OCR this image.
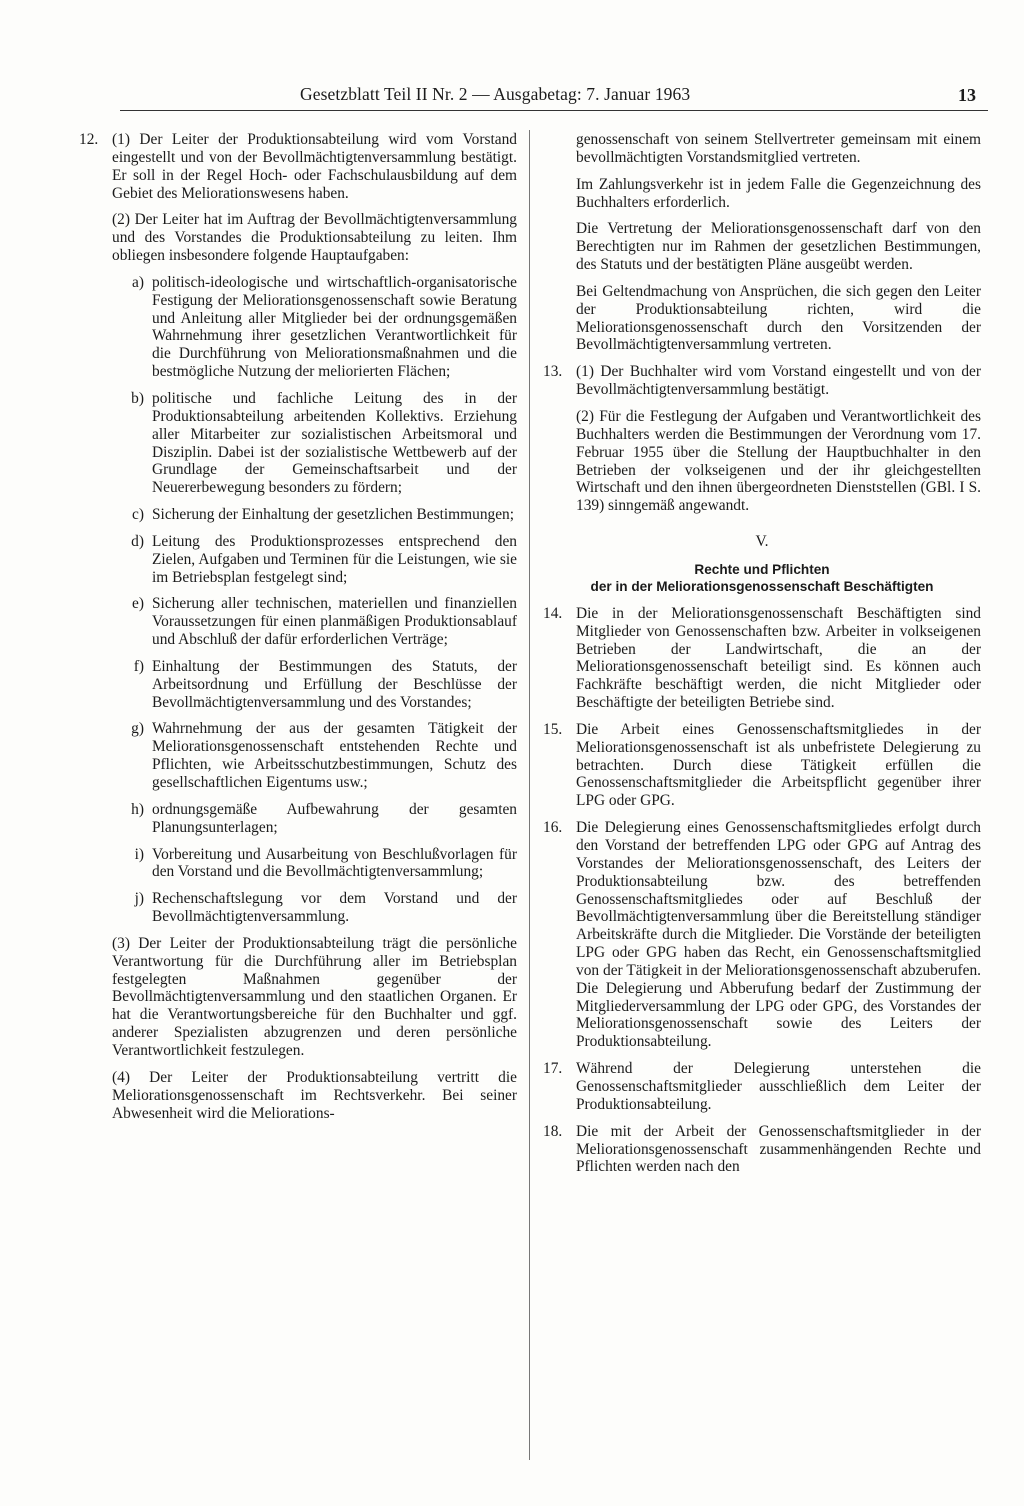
Gesetzblatt Teil II Nr. 2 — Ausgabetag: 7. Januar 1963	13
12. (1) Der Leiter der Produktionsabteilung wird vom Vorstand eingestellt und von der Bevollmächtigtenversammlung bestätigt. Er soll in der Regel Hoch- oder Fachschulausbildung auf dem Gebiet des Meliorationswesens haben.

(2) Der Leiter hat im Auftrag der Bevollmächtigtenversammlung und des Vorstandes die Produktionsabteilung zu leiten. Ihm obliegen insbesondere folgende Hauptaufgaben:

a) politisch-ideologische und wirtschaftlich-organisatorische Festigung der Meliorationsgenossenschaft sowie Beratung und Anleitung aller Mitglieder bei der ordnungsgemäßen Wahrnehmung ihrer gesetzlichen Verantwortlichkeit für die Durchführung von Meliorationsmaßnahmen und die bestmögliche Nutzung der meliorierten Flächen;
b) politische und fachliche Leitung des in der Produktionsabteilung arbeitenden Kollektivs. Erziehung aller Mitarbeiter zur sozialistischen Arbeitsmoral und Disziplin. Dabei ist der sozialistische Wettbewerb auf der Grundlage der Gemeinschaftsarbeit und der Neuererbewegung besonders zu fördern;
c) Sicherung der Einhaltung der gesetzlichen Bestimmungen;
d) Leitung des Produktionsprozesses entsprechend den Zielen, Aufgaben und Terminen für die Leistungen, wie sie im Betriebsplan festgelegt sind;
e) Sicherung aller technischen, materiellen und finanziellen Voraussetzungen für einen planmäßigen Produktionsablauf und Abschluß der dafür erforderlichen Verträge;
f) Einhaltung der Bestimmungen des Statuts, der Arbeitsordnung und Erfüllung der Beschlüsse der Bevollmächtigtenversammlung und des Vorstandes;
g) Wahrnehmung der aus der gesamten Tätigkeit der Meliorationsgenossenschaft entstehenden Rechte und Pflichten, wie Arbeitsschutzbestimmungen, Schutz des gesellschaftlichen Eigentums usw.;
h) ordnungsgemäße Aufbewahrung der gesamten Planungsunterlagen;
i) Vorbereitung und Ausarbeitung von Beschlußvorlagen für den Vorstand und die Bevollmächtigtenversammlung;
j) Rechenschaftslegung vor dem Vorstand und der Bevollmächtigtenversammlung.

(3) Der Leiter der Produktionsabteilung trägt die persönliche Verantwortung für die Durchführung aller im Betriebsplan festgelegten Maßnahmen gegenüber der Bevollmächtigtenversammlung und den staatlichen Organen. Er hat die Verantwortungsbereiche für den Buchhalter und ggf. anderer Spezialisten abzugrenzen und deren persönliche Verantwortlichkeit festzulegen.

(4) Der Leiter der Produktionsabteilung vertritt die Meliorationsgenossenschaft im Rechtsverkehr. Bei seiner Abwesenheit wird die Meliorations-

genossenschaft von seinem Stellvertreter gemeinsam mit einem bevollmächtigten Vorstandsmitglied vertreten.

Im Zahlungsverkehr ist in jedem Falle die Gegenzeichnung des Buchhalters erforderlich.

Die Vertretung der Meliorationsgenossenschaft darf von den Berechtigten nur im Rahmen der gesetzlichen Bestimmungen, des Statuts und der bestätigten Pläne ausgeübt werden.

Bei Geltendmachung von Ansprüchen, die sich gegen den Leiter der Produktionsabteilung richten, wird die Meliorationsgenossenschaft durch den Vorsitzenden der Bevollmächtigtenversammlung vertreten.

13. (1) Der Buchhalter wird vom Vorstand eingestellt und von der Bevollmächtigtenversammlung bestätigt.

(2) Für die Festlegung der Aufgaben und Verantwortlichkeit des Buchhalters werden die Bestimmungen der Verordnung vom 17. Februar 1955 über die Stellung der Hauptbuchhalter in den Betrieben der volkseigenen und der ihr gleichgestellten Wirtschaft und den ihnen übergeordneten Dienststellen (GBl. I S. 139) sinngemäß angewandt.

V.
Rechte und Pflichten
der in der Meliorationsgenossenschaft Beschäftigten
14. Die in der Meliorationsgenossenschaft Beschäftigten sind Mitglieder von Genossenschaften bzw. Arbeiter in volkseigenen Betrieben der Landwirtschaft, die an der Meliorationsgenossenschaft beteiligt sind. Es können auch Fachkräfte beschäftigt werden, die nicht Mitglieder oder Beschäftigte der beteiligten Betriebe sind.
15. Die Arbeit eines Genossenschaftsmitgliedes in der Meliorationsgenossenschaft ist als unbefristete Delegierung zu betrachten. Durch diese Tätigkeit erfüllen die Genossenschaftsmitglieder die Arbeitspflicht gegenüber ihrer LPG oder GPG.
16. Die Delegierung eines Genossenschaftsmitgliedes erfolgt durch den Vorstand der betreffenden LPG oder GPG auf Antrag des Vorstandes der Meliorationsgenossenschaft, des Leiters der Produktionsabteilung bzw. des betreffenden Genossenschaftsmitgliedes oder auf Beschluß der Bevollmächtigtenversammlung über die Bereitstellung ständiger Arbeitskräfte durch die Mitglieder. Die Vorstände der beteiligten LPG oder GPG haben das Recht, ein Genossenschaftsmitglied von der Tätigkeit in der Meliorationsgenossenschaft abzuberufen. Die Delegierung und Abberufung bedarf der Zustimmung der Mitgliederversammlung der LPG oder GPG, des Vorstandes der Meliorationsgenossenschaft sowie des Leiters der Produktionsabteilung.
17. Während der Delegierung unterstehen die Genossenschaftsmitglieder ausschließlich dem Leiter der Produktionsabteilung.
18. Die mit der Arbeit der Genossenschaftsmitglieder in der Meliorationsgenossenschaft zusammenhängenden Rechte und Pflichten werden nach den
